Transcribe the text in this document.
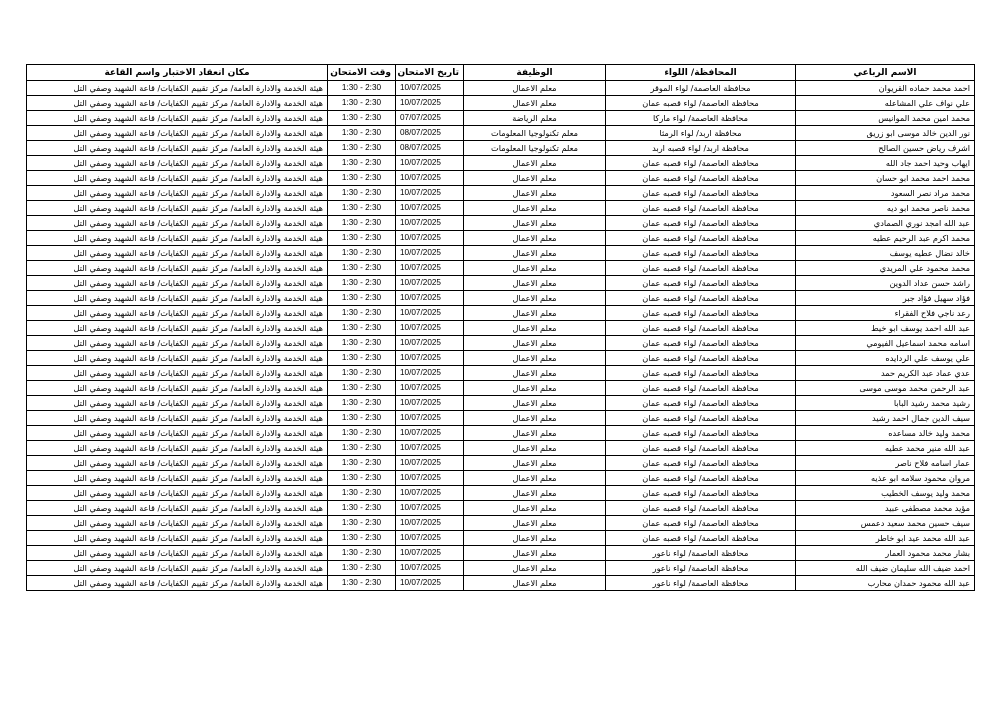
الاسم الرباعي	المحافظة/ اللواء	الوظيفة	تاريخ الامتحان	وقت الامتحان	مكان انعقاد الاختبار واسم القاعة
احمد محمد حماده القريوان	محافظة العاصمة/ لواء الموقر	معلم الاعمال	10/07/2025	1:30 - 2:30	هيئة الخدمة والادارة العامة/ مركز تقييم الكفايات/ قاعة الشهيد وصفي التل
علي نواف علي المشاعله	محافظة العاصمة/ لواء قصبه عمان	معلم الاعمال	10/07/2025	1:30 - 2:30	هيئة الخدمة والادارة العامة/ مركز تقييم الكفايات/ قاعة الشهيد وصفي التل
محمد امين محمد الموانيس	محافظة العاصمة/ لواء ماركا	معلم الرياضة	07/07/2025	1:30 - 2:30	هيئة الخدمة والادارة العامة/ مركز تقييم الكفايات/ قاعة الشهيد وصفي التل
نور الدين خالد موسى ابو زريق	محافظة اربد/ لواء الرمثا	معلم تكنولوجيا المعلومات	08/07/2025	1:30 - 2:30	هيئة الخدمة والادارة العامة/ مركز تقييم الكفايات/ قاعة الشهيد وصفي التل
اشرف رياض حسين الصالح	محافظة اربد/ لواء قصبه اربد	معلم تكنولوجيا المعلومات	08/07/2025	1:30 - 2:30	هيئة الخدمة والادارة العامة/ مركز تقييم الكفايات/ قاعة الشهيد وصفي التل
ايهاب وحيد احمد جاد الله	محافظة العاصمة/ لواء قصبه عمان	معلم الاعمال	10/07/2025	1:30 - 2:30	هيئة الخدمة والادارة العامة/ مركز تقييم الكفايات/ قاعة الشهيد وصفي التل
محمد احمد محمد ابو حسان	محافظة العاصمة/ لواء قصبه عمان	معلم الاعمال	10/07/2025	1:30 - 2:30	هيئة الخدمة والادارة العامة/ مركز تقييم الكفايات/ قاعة الشهيد وصفي التل
محمد مراد نصر السعود	محافظة العاصمة/ لواء قصبه عمان	معلم الاعمال	10/07/2025	1:30 - 2:30	هيئة الخدمة والادارة العامة/ مركز تقييم الكفايات/ قاعة الشهيد وصفي التل
محمد ناصر محمد ابو ديه	محافظة العاصمة/ لواء قصبه عمان	معلم الاعمال	10/07/2025	1:30 - 2:30	هيئة الخدمة والادارة العامة/ مركز تقييم الكفايات/ قاعة الشهيد وصفي التل
عبد الله امجد نوري الصمادي	محافظة العاصمة/ لواء قصبه عمان	معلم الاعمال	10/07/2025	1:30 - 2:30	هيئة الخدمة والادارة العامة/ مركز تقييم الكفايات/ قاعة الشهيد وصفي التل
محمد اكرم عبد الرحيم عطيه	محافظة العاصمة/ لواء قصبه عمان	معلم الاعمال	10/07/2025	1:30 - 2:30	هيئة الخدمة والادارة العامة/ مركز تقييم الكفايات/ قاعة الشهيد وصفي التل
خالد نضال عطيه يوسف	محافظة العاصمة/ لواء قصبه عمان	معلم الاعمال	10/07/2025	1:30 - 2:30	هيئة الخدمة والادارة العامة/ مركز تقييم الكفايات/ قاعة الشهيد وصفي التل
محمد محمود علي المريدي	محافظة العاصمة/ لواء قصبه عمان	معلم الاعمال	10/07/2025	1:30 - 2:30	هيئة الخدمة والادارة العامة/ مركز تقييم الكفايات/ قاعة الشهيد وصفي التل
راشد حسن عداد الدوين	محافظة العاصمة/ لواء قصبه عمان	معلم الاعمال	10/07/2025	1:30 - 2:30	هيئة الخدمة والادارة العامة/ مركز تقييم الكفايات/ قاعة الشهيد وصفي التل
فؤاد سهيل فؤاد جبر	محافظة العاصمة/ لواء قصبه عمان	معلم الاعمال	10/07/2025	1:30 - 2:30	هيئة الخدمة والادارة العامة/ مركز تقييم الكفايات/ قاعة الشهيد وصفي التل
رعد ناجي فلاح الفقراء	محافظة العاصمة/ لواء قصبه عمان	معلم الاعمال	10/07/2025	1:30 - 2:30	هيئة الخدمة والادارة العامة/ مركز تقييم الكفايات/ قاعة الشهيد وصفي التل
عبد الله احمد يوسف ابو خيط	محافظة العاصمة/ لواء قصبه عمان	معلم الاعمال	10/07/2025	1:30 - 2:30	هيئة الخدمة والادارة العامة/ مركز تقييم الكفايات/ قاعة الشهيد وصفي التل
اسامه محمد اسماعيل الفيومي	محافظة العاصمة/ لواء قصبه عمان	معلم الاعمال	10/07/2025	1:30 - 2:30	هيئة الخدمة والادارة العامة/ مركز تقييم الكفايات/ قاعة الشهيد وصفي التل
علي يوسف علي الردايده	محافظة العاصمة/ لواء قصبه عمان	معلم الاعمال	10/07/2025	1:30 - 2:30	هيئة الخدمة والادارة العامة/ مركز تقييم الكفايات/ قاعة الشهيد وصفي التل
عدي عماد عبد الكريم حمد	محافظة العاصمة/ لواء قصبه عمان	معلم الاعمال	10/07/2025	1:30 - 2:30	هيئة الخدمة والادارة العامة/ مركز تقييم الكفايات/ قاعة الشهيد وصفي التل
عبد الرحمن محمد موسى موسى	محافظة العاصمة/ لواء قصبه عمان	معلم الاعمال	10/07/2025	1:30 - 2:30	هيئة الخدمة والادارة العامة/ مركز تقييم الكفايات/ قاعة الشهيد وصفي التل
رشيد محمد رشيد البابا	محافظة العاصمة/ لواء قصبه عمان	معلم الاعمال	10/07/2025	1:30 - 2:30	هيئة الخدمة والادارة العامة/ مركز تقييم الكفايات/ قاعة الشهيد وصفي التل
سيف الدين جمال احمد رشيد	محافظة العاصمة/ لواء قصبه عمان	معلم الاعمال	10/07/2025	1:30 - 2:30	هيئة الخدمة والادارة العامة/ مركز تقييم الكفايات/ قاعة الشهيد وصفي التل
محمد وليد خالد مساعده	محافظة العاصمة/ لواء قصبه عمان	معلم الاعمال	10/07/2025	1:30 - 2:30	هيئة الخدمة والادارة العامة/ مركز تقييم الكفايات/ قاعة الشهيد وصفي التل
عبد الله منير محمد عطيه	محافظة العاصمة/ لواء قصبه عمان	معلم الاعمال	10/07/2025	1:30 - 2:30	هيئة الخدمة والادارة العامة/ مركز تقييم الكفايات/ قاعة الشهيد وصفي التل
عمار اسامه فلاح ناصر	محافظة العاصمة/ لواء قصبه عمان	معلم الاعمال	10/07/2025	1:30 - 2:30	هيئة الخدمة والادارة العامة/ مركز تقييم الكفايات/ قاعة الشهيد وصفي التل
مروان محمود سلامه ابو عذيه	محافظة العاصمة/ لواء قصبه عمان	معلم الاعمال	10/07/2025	1:30 - 2:30	هيئة الخدمة والادارة العامة/ مركز تقييم الكفايات/ قاعة الشهيد وصفي التل
محمد وليد يوسف الخطيب	محافظة العاصمة/ لواء قصبه عمان	معلم الاعمال	10/07/2025	1:30 - 2:30	هيئة الخدمة والادارة العامة/ مركز تقييم الكفايات/ قاعة الشهيد وصفي التل
مؤيد محمد مصطفى عبيد	محافظة العاصمة/ لواء قصبه عمان	معلم الاعمال	10/07/2025	1:30 - 2:30	هيئة الخدمة والادارة العامة/ مركز تقييم الكفايات/ قاعة الشهيد وصفي التل
سيف حسين محمد سعيد دعمس	محافظة العاصمة/ لواء قصبه عمان	معلم الاعمال	10/07/2025	1:30 - 2:30	هيئة الخدمة والادارة العامة/ مركز تقييم الكفايات/ قاعة الشهيد وصفي التل
عبد الله محمد عيد ابو خاطر	محافظة العاصمة/ لواء قصبه عمان	معلم الاعمال	10/07/2025	1:30 - 2:30	هيئة الخدمة والادارة العامة/ مركز تقييم الكفايات/ قاعة الشهيد وصفي التل
بشار محمد محمود العمار	محافظة العاصمة/ لواء ناعور	معلم الاعمال	10/07/2025	1:30 - 2:30	هيئة الخدمة والادارة العامة/ مركز تقييم الكفايات/ قاعة الشهيد وصفي التل
احمد ضيف الله سليمان ضيف الله	محافظة العاصمة/ لواء ناعور	معلم الاعمال	10/07/2025	1:30 - 2:30	هيئة الخدمة والادارة العامة/ مركز تقييم الكفايات/ قاعة الشهيد وصفي التل
عبد الله محمود حمدان محارب	محافظة العاصمة/ لواء ناعور	معلم الاعمال	10/07/2025	1:30 - 2:30	هيئة الخدمة والادارة العامة/ مركز تقييم الكفايات/ قاعة الشهيد وصفي التل
